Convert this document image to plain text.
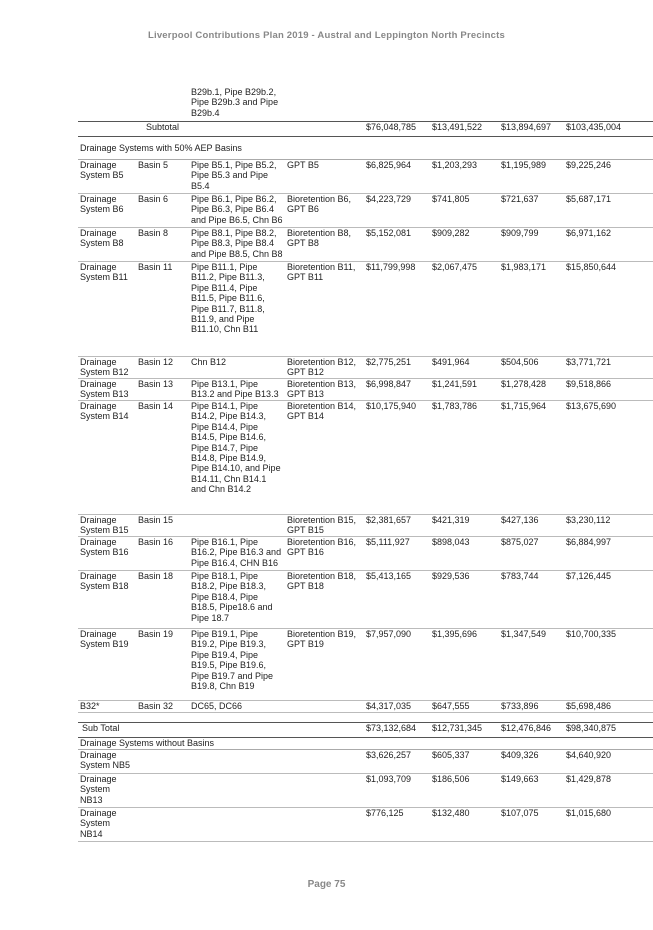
Liverpool Contributions Plan 2019 - Austral and Leppington North Precincts
		B29b.1, Pipe B29b.2, Pipe B29b.3 and Pipe B29b.4					
Subtotal				$76,048,785	$13,491,522	$13,894,697	$103,435,004
Drainage Systems with 50% AEP Basins							
Drainage System B5	Basin 5	Pipe B5.1, Pipe B5.2, Pipe B5.3 and Pipe B5.4	GPT B5	$6,825,964	$1,203,293	$1,195,989	$9,225,246
Drainage System B6	Basin 6	Pipe B6.1, Pipe B6.2, Pipe B6.3, Pipe B6.4 and Pipe B6.5, Chn B6	Bioretention B6, GPT B6	$4,223,729	$741,805	$721,637	$5,687,171
Drainage System B8	Basin 8	Pipe B8.1, Pipe B8.2, Pipe B8.3, Pipe B8.4 and Pipe B8.5, Chn B8	Bioretention B8, GPT B8	$5,152,081	$909,282	$909,799	$6,971,162
Drainage System B11	Basin 11	Pipe B11.1, Pipe B11.2, Pipe B11.3, Pipe B11.4, Pipe B11.5, Pipe B11.6, Pipe B11.7, B11.8, B11.9, and Pipe B11.10, Chn B11	Bioretention B11, GPT B11	$11,799,998	$2,067,475	$1,983,171	$15,850,644
Drainage System B12	Basin 12	Chn B12	Bioretention B12, GPT B12	$2,775,251	$491,964	$504,506	$3,771,721
Drainage System B13	Basin 13	Pipe B13.1, Pipe B13.2 and Pipe B13.3	Bioretention B13, GPT B13	$6,998,847	$1,241,591	$1,278,428	$9,518,866
Drainage System B14	Basin 14	Pipe B14.1, Pipe B14.2, Pipe B14.3, Pipe B14.4, Pipe B14.5, Pipe B14.6, Pipe B14.7, Pipe B14.8, Pipe B14.9, Pipe B14.10, and Pipe B14.11, Chn B14.1 and Chn B14.2	Bioretention B14, GPT B14	$10,175,940	$1,783,786	$1,715,964	$13,675,690
Drainage System B15	Basin 15		Bioretention B15, GPT B15	$2,381,657	$421,319	$427,136	$3,230,112
Drainage System B16	Basin 16	Pipe B16.1, Pipe B16.2, Pipe B16.3 and Pipe B16.4, CHN B16	Bioretention B16, GPT B16	$5,111,927	$898,043	$875,027	$6,884,997
Drainage System B18	Basin 18	Pipe B18.1, Pipe B18.2, Pipe B18.3, Pipe B18.4, Pipe B18.5, Pipe18.6 and Pipe 18.7	Bioretention B18, GPT B18	$5,413,165	$929,536	$783,744	$7,126,445
Drainage System B19	Basin 19	Pipe B19.1, Pipe B19.2, Pipe B19.3, Pipe B19.4, Pipe B19.5, Pipe B19.6, Pipe B19.7 and Pipe B19.8, Chn B19	Bioretention B19, GPT B19	$7,957,090	$1,395,696	$1,347,549	$10,700,335
B32*	Basin 32	DC65, DC66		$4,317,035	$647,555	$733,896	$5,698,486

Sub Total				$73,132,684	$12,731,345	$12,476,846	$98,340,875
Drainage Systems without Basins							
Drainage System NB5				$3,626,257	$605,337	$409,326	$4,640,920
Drainage System NB13				$1,093,709	$186,506	$149,663	$1,429,878
Drainage System NB14				$776,125	$132,480	$107,075	$1,015,680
Page 75
